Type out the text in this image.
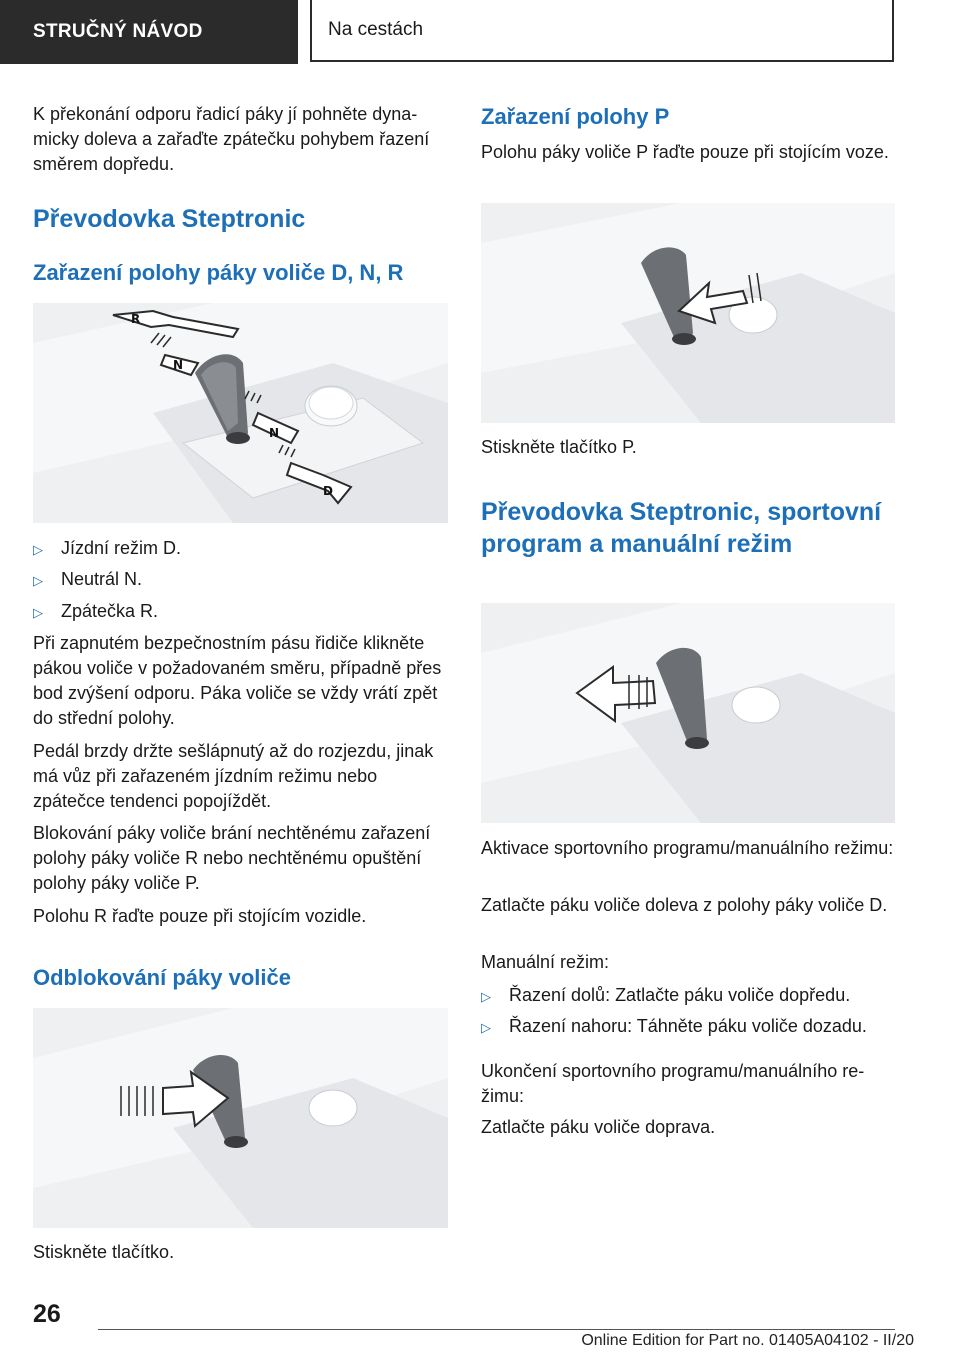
STRUČNÝ NÁVOD	Na cestách

K překonání odporu řadicí páky jí pohněte dynamicky doleva a zařaďte zpátečku pohybem řazení směrem dopředu.

Převodovka Steptronic
Zařazení polohy páky voliče D, N, R
R
N
N
D
▷	Jízdní režim D.
▷	Neutrál N.
▷	Zpátečka R.

Při zapnutém bezpečnostním pásu řidiče klikněte pákou voliče v požadovaném směru, případně přes bod zvýšení odporu. Páka voliče se vždy vrátí zpět do střední polohy.

Pedál brzdy držte sešlápnutý až do rozjezdu, jinak má vůz při zařazeném jízdním režimu nebo zpátečce tendenci popojíždět.

Blokování páky voliče brání nechtěnému zařazení polohy páky voliče R nebo nechtěnému opuštění polohy páky voliče P.

Polohu R řaďte pouze při stojícím vozidle.

Odblokování páky voliče

Stiskněte tlačítko.

Zařazení polohy P

Polohu páky voliče P řaďte pouze při stojícím voze.

Stiskněte tlačítko P.

Převodovka Steptronic, sportovní program a manuální režim

Aktivace sportovního programu/manuálního režimu:

Zatlačte páku voliče doleva z polohy páky voliče D.

Manuální režim:

▷	Řazení dolů: Zatlačte páku voliče dopředu.
▷	Řazení nahoru: Táhněte páku voliče dozadu.

Ukončení sportovního programu/manuálního režimu:

Zatlačte páku voliče doprava.

26
Online Edition for Part no. 01405A04102 - II/20
